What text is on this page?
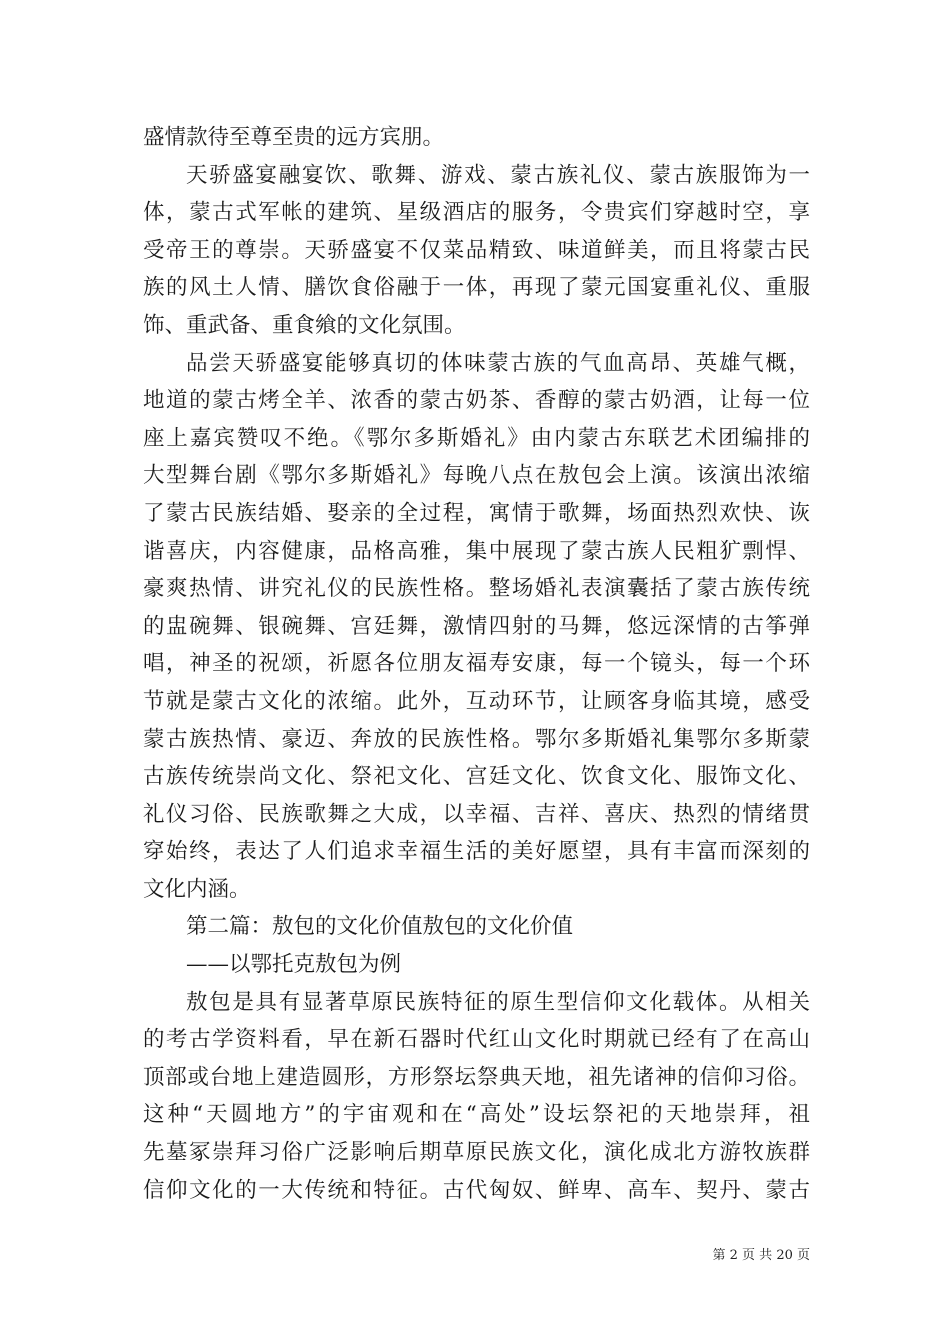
盛情款待至尊至贵的远方宾朋。
天骄盛宴融宴饮、歌舞、游戏、蒙古族礼仪、蒙古族服饰为一
体，蒙古式军帐的建筑、星级酒店的服务，令贵宾们穿越时空，享
受帝王的尊崇。天骄盛宴不仅菜品精致、味道鲜美，而且将蒙古民
族的风土人情、膳饮食俗融于一体，再现了蒙元国宴重礼仪、重服
饰、重武备、重食飨的文化氛围。
品尝天骄盛宴能够真切的体味蒙古族的气血高昂、英雄气概，
地道的蒙古烤全羊、浓香的蒙古奶茶、香醇的蒙古奶酒，让每一位
座上嘉宾赞叹不绝。《鄂尔多斯婚礼》由内蒙古东联艺术团编排的
大型舞台剧《鄂尔多斯婚礼》每晚八点在敖包会上演。该演出浓缩
了蒙古民族结婚、娶亲的全过程，寓情于歌舞，场面热烈欢快、诙
谐喜庆，内容健康，品格高雅，集中展现了蒙古族人民粗犷剽悍、
豪爽热情、讲究礼仪的民族性格。整场婚礼表演囊括了蒙古族传统
的盅碗舞、银碗舞、宫廷舞，激情四射的马舞，悠远深情的古筝弹
唱，神圣的祝颂，祈愿各位朋友福寿安康，每一个镜头，每一个环
节就是蒙古文化的浓缩。此外，互动环节，让顾客身临其境，感受
蒙古族热情、豪迈、奔放的民族性格。鄂尔多斯婚礼集鄂尔多斯蒙
古族传统崇尚文化、祭祀文化、宫廷文化、饮食文化、服饰文化、
礼仪习俗、民族歌舞之大成，以幸福、吉祥、喜庆、热烈的情绪贯
穿始终，表达了人们追求幸福生活的美好愿望，具有丰富而深刻的
文化内涵。
第二篇：敖包的文化价值敖包的文化价值
——以鄂托克敖包为例
敖包是具有显著草原民族特征的原生型信仰文化载体。从相关
的考古学资料看，早在新石器时代红山文化时期就已经有了在高山
顶部或台地上建造圆形，方形祭坛祭典天地，祖先诸神的信仰习俗。
这种“天圆地方”的宇宙观和在“高处”设坛祭祀的天地崇拜，祖
先墓冢崇拜习俗广泛影响后期草原民族文化，演化成北方游牧族群
信仰文化的一大传统和特征。古代匈奴、鲜卑、高车、契丹、蒙古
第 2 页 共 20 页
